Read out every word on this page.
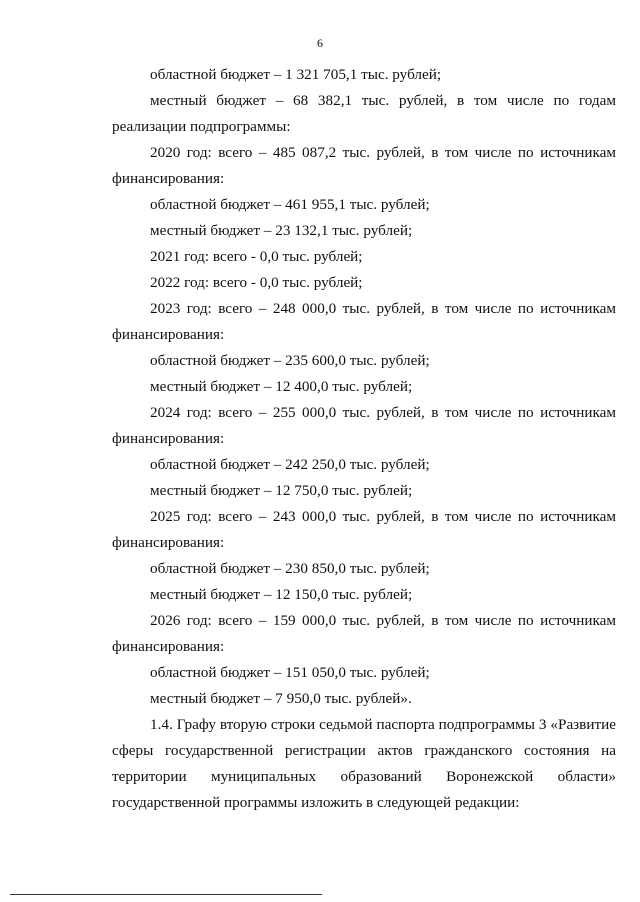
6
областной бюджет – 1 321 705,1 тыс. рублей;
местный бюджет – 68 382,1 тыс. рублей, в том числе по годам
реализации подпрограммы:
2020 год: всего – 485 087,2 тыс. рублей, в том числе по источникам
финансирования:
областной бюджет – 461 955,1 тыс. рублей;
местный бюджет – 23 132,1 тыс. рублей;
2021 год: всего - 0,0 тыс. рублей;
2022 год: всего - 0,0 тыс. рублей;
2023 год: всего – 248 000,0 тыс. рублей, в том числе по источникам
финансирования:
областной бюджет – 235 600,0 тыс. рублей;
местный бюджет – 12 400,0 тыс. рублей;
2024 год: всего – 255 000,0 тыс. рублей, в том числе по источникам
финансирования:
областной бюджет – 242 250,0 тыс. рублей;
местный бюджет – 12 750,0 тыс. рублей;
2025 год: всего – 243 000,0 тыс. рублей, в том числе по источникам
финансирования:
областной бюджет – 230 850,0 тыс. рублей;
местный бюджет – 12 150,0 тыс. рублей;
2026 год: всего – 159 000,0 тыс. рублей, в том числе по источникам
финансирования:
областной бюджет – 151 050,0 тыс. рублей;
местный бюджет – 7 950,0 тыс. рублей».
1.4. Графу вторую строки седьмой паспорта подпрограммы 3 «Развитие
сферы государственной регистрации актов гражданского состояния на
территории муниципальных образований Воронежской области»
государственной программы изложить в следующей редакции:
